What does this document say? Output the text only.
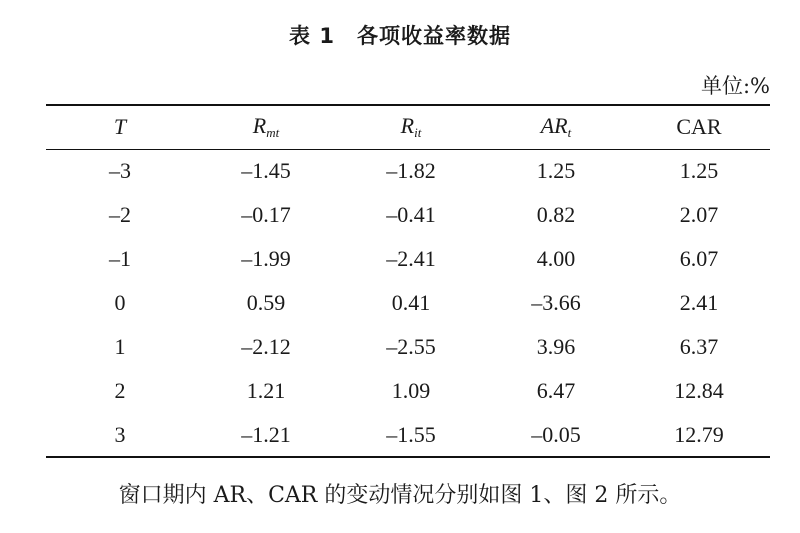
表 1　各项收益率数据
单位:%
T	$R_{mt}$	$R_{it}$	$AR_t$	CAR
–3	–1.45	–1.82	1.25	1.25
–2	–0.17	–0.41	0.82	2.07
–1	–1.99	–2.41	4.00	6.07
0	0.59	0.41	–3.66	2.41
1	–2.12	–2.55	3.96	6.37
2	1.21	1.09	6.47	12.84
3	–1.21	–1.55	–0.05	12.79
窗口期内 AR、CAR 的变动情况分别如图 1、图 2 所示。
